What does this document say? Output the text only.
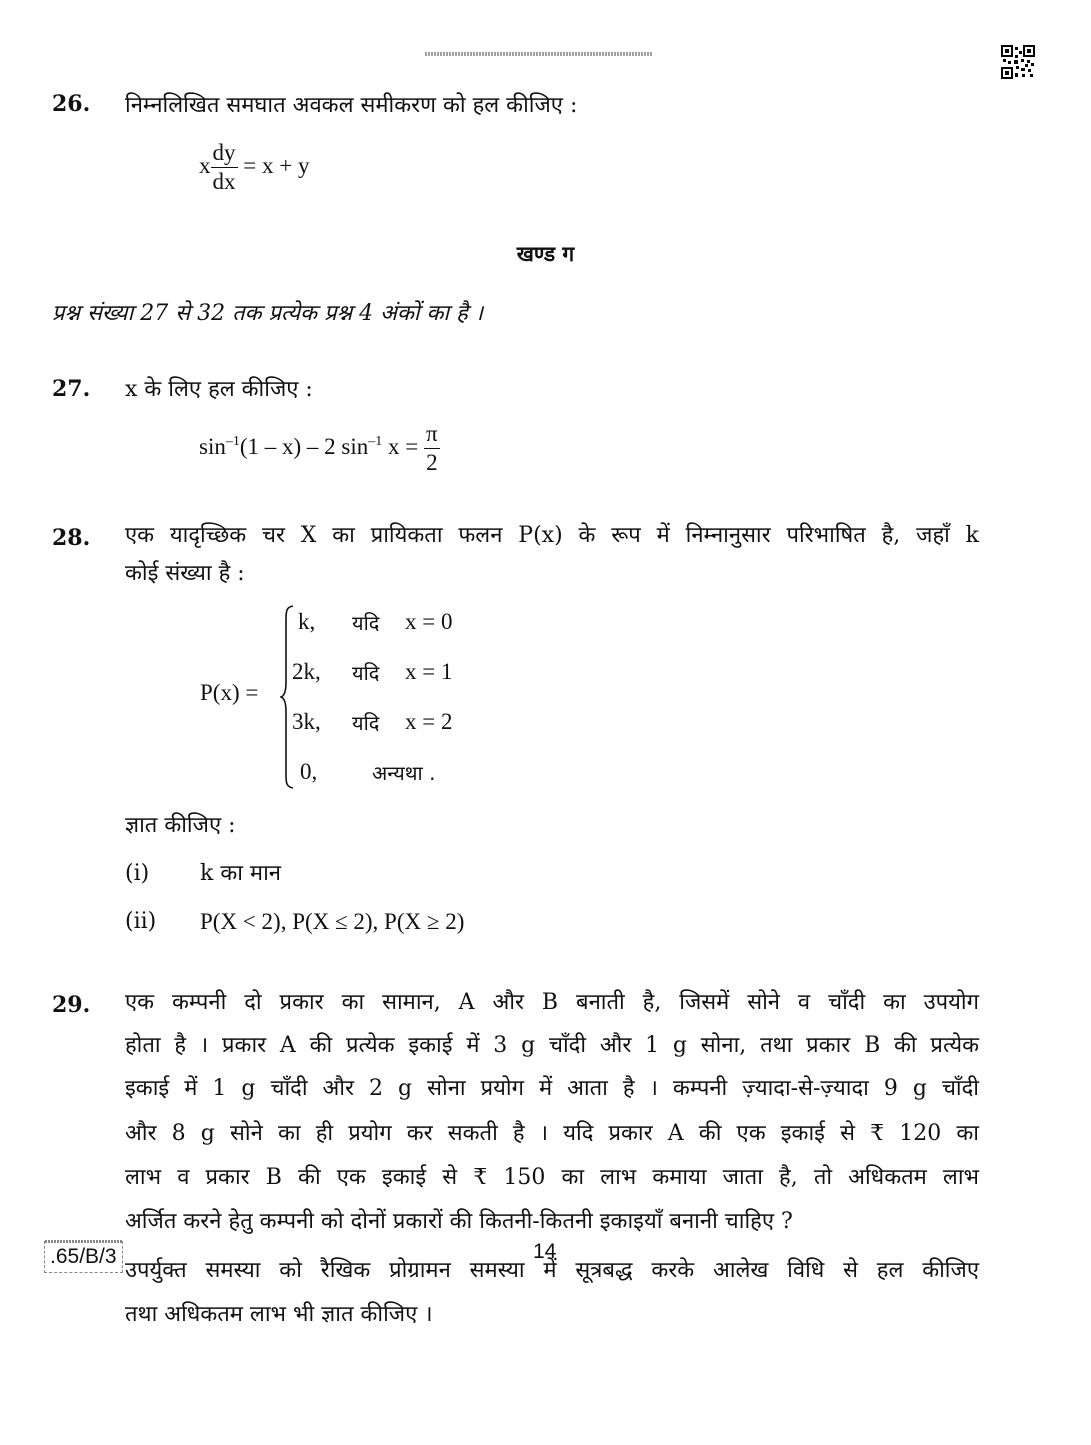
26. निम्नलिखित समघात अवकल समीकरण को हल कीजिए :
x $\frac{dy}{dx} = x + y$
खण्ड ग
प्रश्न संख्या 27 से 32 तक प्रत्येक प्रश्न 4 अंकों का है ।
27. x के लिए हल कीजिए :
$\sin^{-1}(1 - x) - 2$ $\sin^{-1} x = \frac{\pi}{2}$
28. एक यादृच्छिक चर X का प्रायिकता फलन P(x) के रूप में निम्नानुसार परिभाषित है, जहाँ k
कोई संख्या है :
P(x) =
k, यदि x = 0
2k, यदि x = 1
3k, यदि x = 2
0,	अन्यथा .
ज्ञात कीजिए :
(i) k का मान
(ii) P(X < 2), P(X ≤ 2), P(X ≥ 2)
29. एक कम्पनी दो प्रकार का सामान, A और B बनाती है, जिसमें सोने व चाँदी का उपयोग
होता है । प्रकार A की प्रत्येक इकाई में 3 g चाँदी और 1 g सोना, तथा प्रकार B की प्रत्येक
इकाई में 1 g चाँदी और 2 g सोना प्रयोग में आता है । कम्पनी ज़्यादा-से-ज़्यादा 9 g चाँदी
और 8 g सोने का ही प्रयोग कर सकती है । यदि प्रकार A की एक इकाई से ₹ 120 का
लाभ व प्रकार B की एक इकाई से ₹ 150 का लाभ कमाया जाता है, तो अधिकतम लाभ
अर्जित करने हेतु कम्पनी को दोनों प्रकारों की कितनी-कितनी इकाइयाँ बनानी चाहिए ?
उपर्युक्त समस्या को रैखिक प्रोग्रामन समस्या में सूत्रबद्ध करके आलेख विधि से हल कीजिए
तथा अधिकतम लाभ भी ज्ञात कीजिए ।
.65/B/3	14
